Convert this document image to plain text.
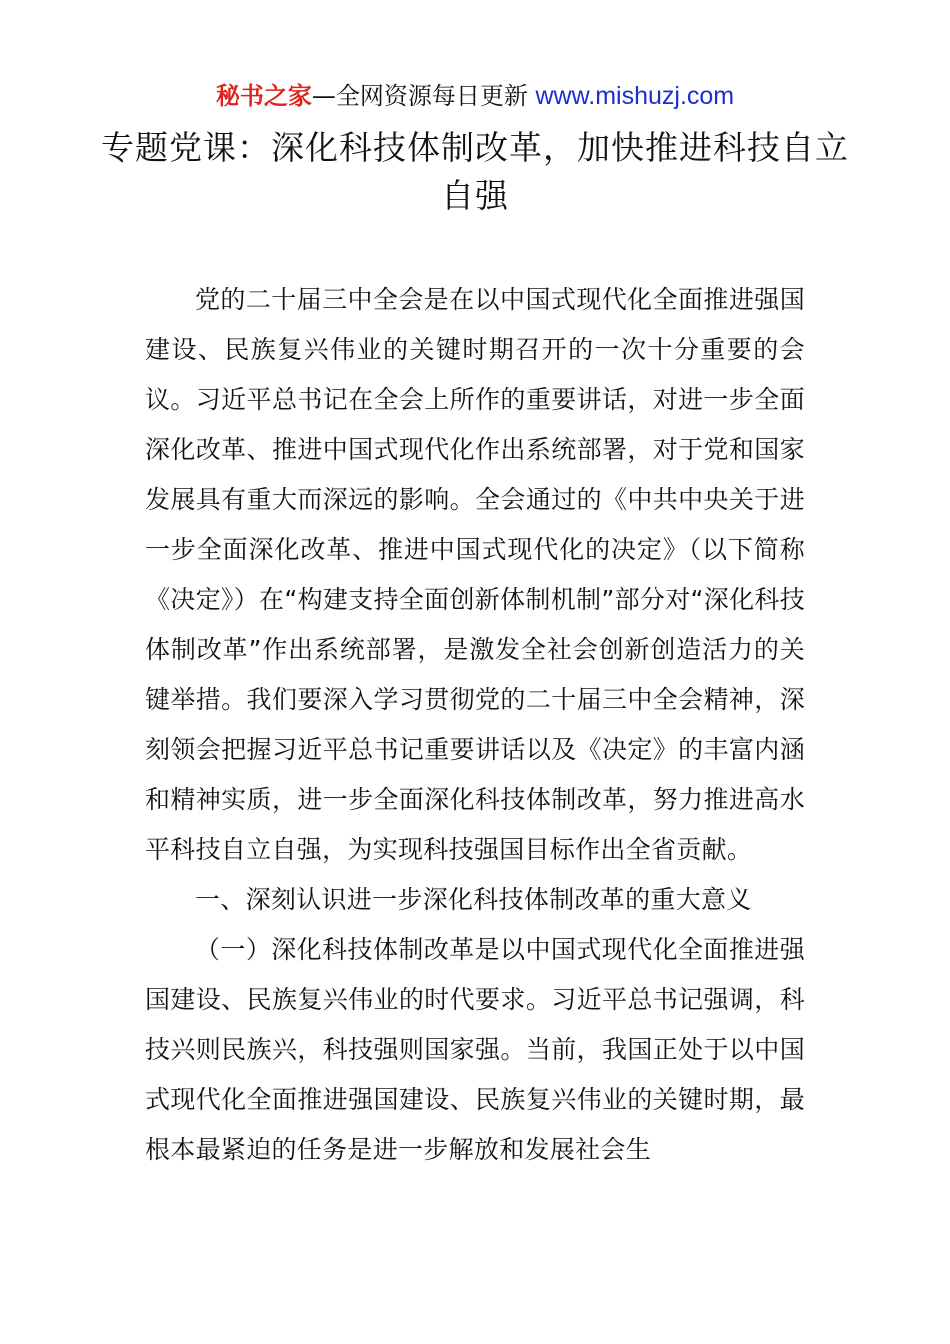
秘书之家—全网资源每日更新 www.mishuzj.com
专题党课：深化科技体制改革，加快推进科技自立自强

党的二十届三中全会是在以中国式现代化全面推进强国建设、民族复兴伟业的关键时期召开的一次十分重要的会议。习近平总书记在全会上所作的重要讲话，对进一步全面深化改革、推进中国式现代化作出系统部署，对于党和国家发展具有重大而深远的影响。全会通过的《中共中央关于进一步全面深化改革、推进中国式现代化的决定》（以下简称《决定》）在“构建支持全面创新体制机制”部分对“深化科技体制改革”作出系统部署，是激发全社会创新创造活力的关键举措。我们要深入学习贯彻党的二十届三中全会精神，深刻领会把握习近平总书记重要讲话以及《决定》的丰富内涵和精神实质，进一步全面深化科技体制改革，努力推进高水平科技自立自强，为实现科技强国目标作出全省贡献。

一、深刻认识进一步深化科技体制改革的重大意义

（一）深化科技体制改革是以中国式现代化全面推进强国建设、民族复兴伟业的时代要求。习近平总书记强调，科技兴则民族兴，科技强则国家强。当前，我国正处于以中国式现代化全面推进强国建设、民族复兴伟业的关键时期，最根本最紧迫的任务是进一步解放和发展社会生
